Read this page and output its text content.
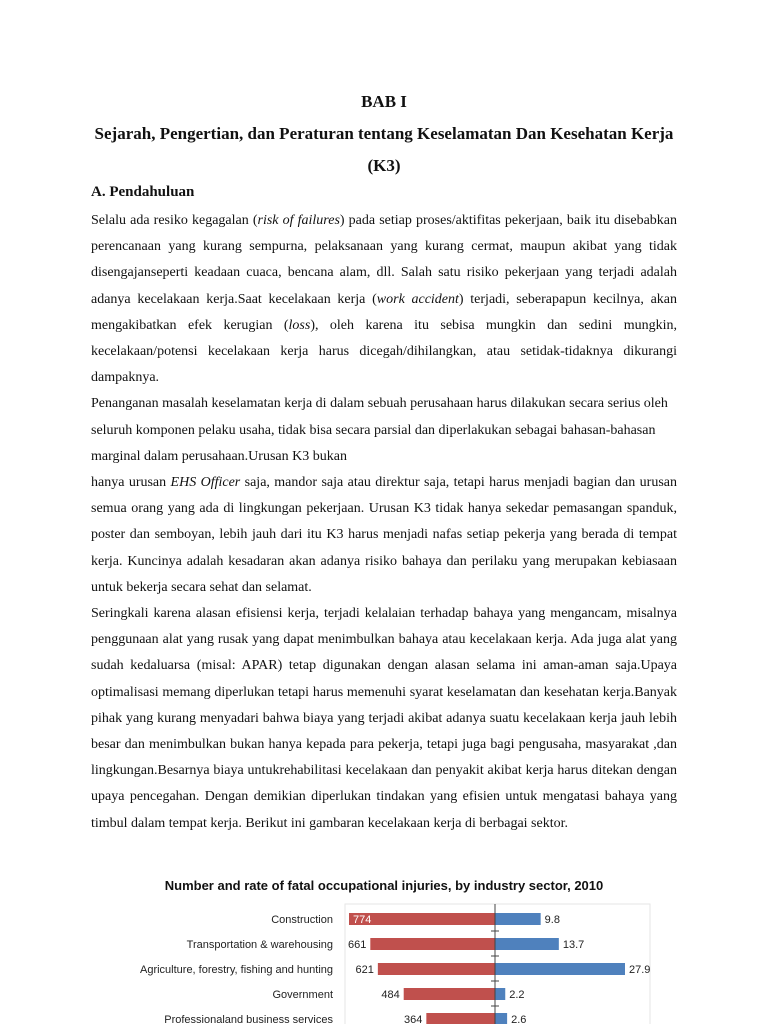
BAB I
Sejarah, Pengertian, dan Peraturan tentang Keselamatan Dan Kesehatan Kerja (K3)
A. Pendahuluan

Selalu ada resiko kegagalan (risk of failures) pada setiap proses/aktifitas pekerjaan, baik itu disebabkan perencanaan yang kurang sempurna, pelaksanaan yang kurang cermat, maupun akibat yang tidak disengajanseperti keadaan cuaca, bencana alam, dll. Salah satu risiko pekerjaan yang terjadi adalah adanya kecelakaan kerja.Saat kecelakaan kerja (work accident) terjadi, seberapapun kecilnya, akan mengakibatkan efek kerugian (loss), oleh karena itu sebisa mungkin dan sedini mungkin, kecelakaan/potensi kecelakaan kerja harus dicegah/dihilangkan, atau setidak-tidaknya dikurangi dampaknya.

Penanganan masalah keselamatan kerja di dalam sebuah perusahaan harus dilakukan secara serius oleh seluruh komponen pelaku usaha, tidak bisa secara parsial dan diperlakukan sebagai bahasan-bahasan marginal dalam perusahaan.Urusan K3 bukan

hanya urusan EHS Officer saja, mandor saja atau direktur saja, tetapi harus menjadi bagian dan urusan semua orang yang ada di lingkungan pekerjaan. Urusan K3 tidak hanya sekedar pemasangan spanduk, poster dan semboyan, lebih jauh dari itu K3 harus menjadi nafas setiap pekerja yang berada di tempat kerja. Kuncinya adalah kesadaran akan adanya risiko bahaya dan perilaku yang merupakan kebiasaan untuk bekerja secara sehat dan selamat.

Seringkali karena alasan efisiensi kerja, terjadi kelalaian terhadap bahaya yang mengancam, misalnya penggunaan alat yang rusak yang dapat menimbulkan bahaya atau kecelakaan kerja. Ada juga alat yang sudah kedaluarsa (misal: APAR) tetap digunakan dengan alasan selama ini aman-aman saja.Upaya optimalisasi memang diperlukan tetapi harus memenuhi syarat keselamatan dan kesehatan kerja.Banyak pihak yang kurang menyadari bahwa biaya yang terjadi akibat adanya suatu kecelakaan kerja jauh lebih besar dan menimbulkan bukan hanya kepada para pekerja, tetapi juga bagi pengusaha, masyarakat ,dan lingkungan.Besarnya biaya untukrehabilitasi kecelakaan dan penyakit akibat kerja harus ditekan dengan upaya pencegahan. Dengan demikian diperlukan tindakan yang efisien untuk mengatasi bahaya yang timbul dalam tempat kerja. Berikut ini gambaran kecelakaan kerja di berbagai sektor.

Number and rate of fatal occupational injuries, by industry sector, 2010
Construction 774	9.8
Transportation & warehousing 661	13.7
Agriculture, forestry, fishing and hunting 621	27.9
Government	484	2.2
Professionaland business services	364	2.6
